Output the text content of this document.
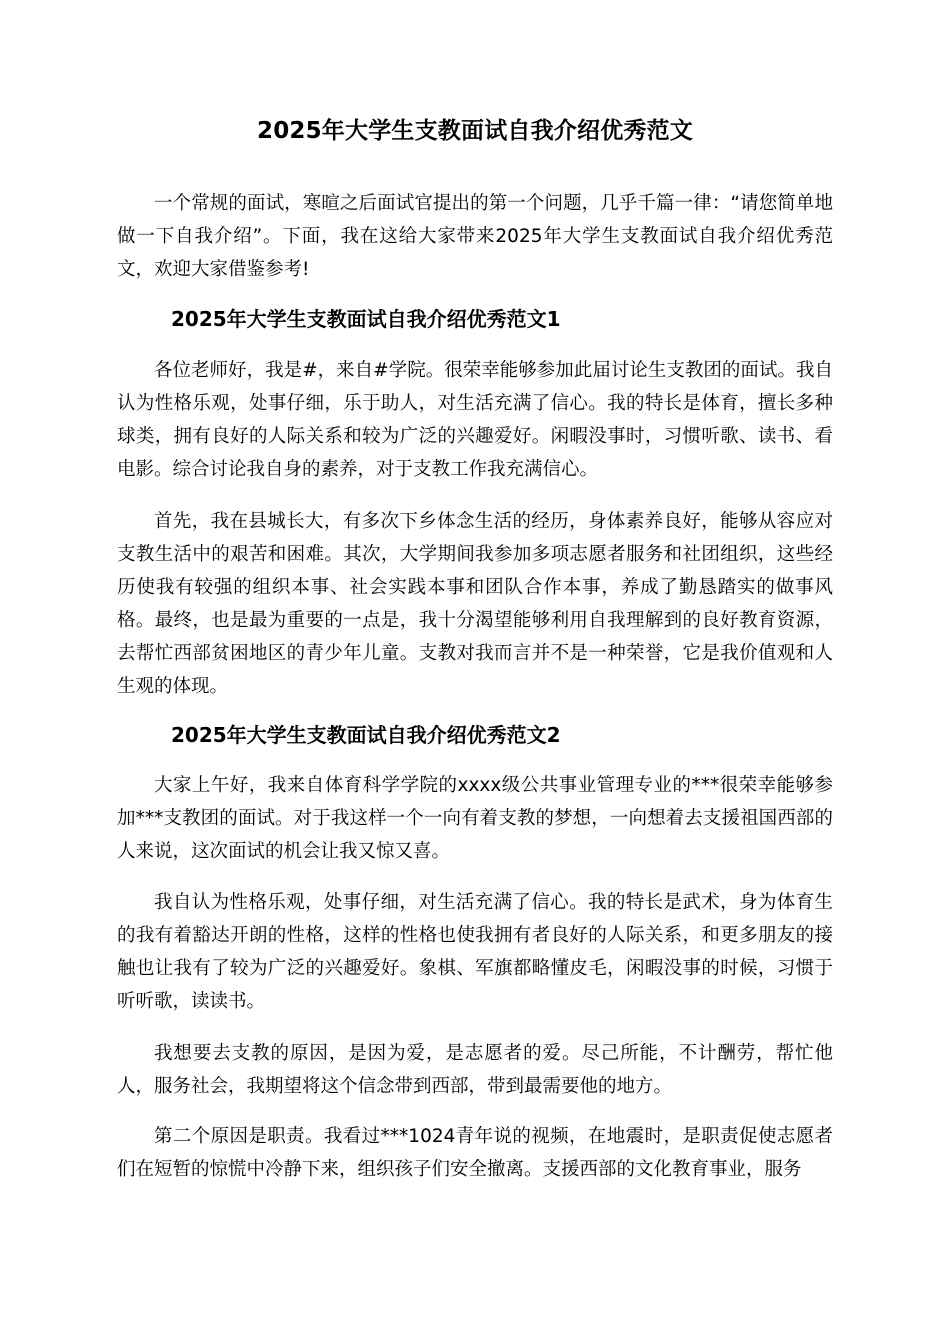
2025年大学生支教面试自我介绍优秀范文

一个常规的面试，寒暄之后面试官提出的第一个问题，几乎千篇一律：“请您简单地做一下自我介绍”。下面，我在这给大家带来2025年大学生支教面试自我介绍优秀范文，欢迎大家借鉴参考!

2025年大学生支教面试自我介绍优秀范文1

各位老师好，我是#，来自#学院。很荣幸能够参加此届讨论生支教团的面试。我自认为性格乐观，处事仔细，乐于助人，对生活充满了信心。我的特长是体育，擅长多种球类，拥有良好的人际关系和较为广泛的兴趣爱好。闲暇没事时，习惯听歌、读书、看电影。综合讨论我自身的素养，对于支教工作我充满信心。

首先，我在县城长大，有多次下乡体念生活的经历，身体素养良好，能够从容应对支教生活中的艰苦和困难。其次，大学期间我参加多项志愿者服务和社团组织，这些经历使我有较强的组织本事、社会实践本事和团队合作本事，养成了勤恳踏实的做事风格。最终，也是最为重要的一点是，我十分渴望能够利用自我理解到的良好教育资源，去帮忙西部贫困地区的青少年儿童。支教对我而言并不是一种荣誉，它是我价值观和人生观的体现。

2025年大学生支教面试自我介绍优秀范文2

大家上午好，我来自体育科学学院的xxxx级公共事业管理专业的***很荣幸能够参加***支教团的面试。对于我这样一个一向有着支教的梦想，一向想着去支援祖国西部的人来说，这次面试的机会让我又惊又喜。

我自认为性格乐观，处事仔细，对生活充满了信心。我的特长是武术，身为体育生的我有着豁达开朗的性格，这样的性格也使我拥有者良好的人际关系，和更多朋友的接触也让我有了较为广泛的兴趣爱好。象棋、军旗都略懂皮毛，闲暇没事的时候，习惯于听听歌，读读书。

我想要去支教的原因，是因为爱，是志愿者的爱。尽己所能，不计酬劳，帮忙他人，服务社会，我期望将这个信念带到西部，带到最需要他的地方。

第二个原因是职责。我看过***1024青年说的视频，在地震时，是职责促使志愿者们在短暂的惊慌中冷静下来，组织孩子们安全撤离。支援西部的文化教育事业，服务
